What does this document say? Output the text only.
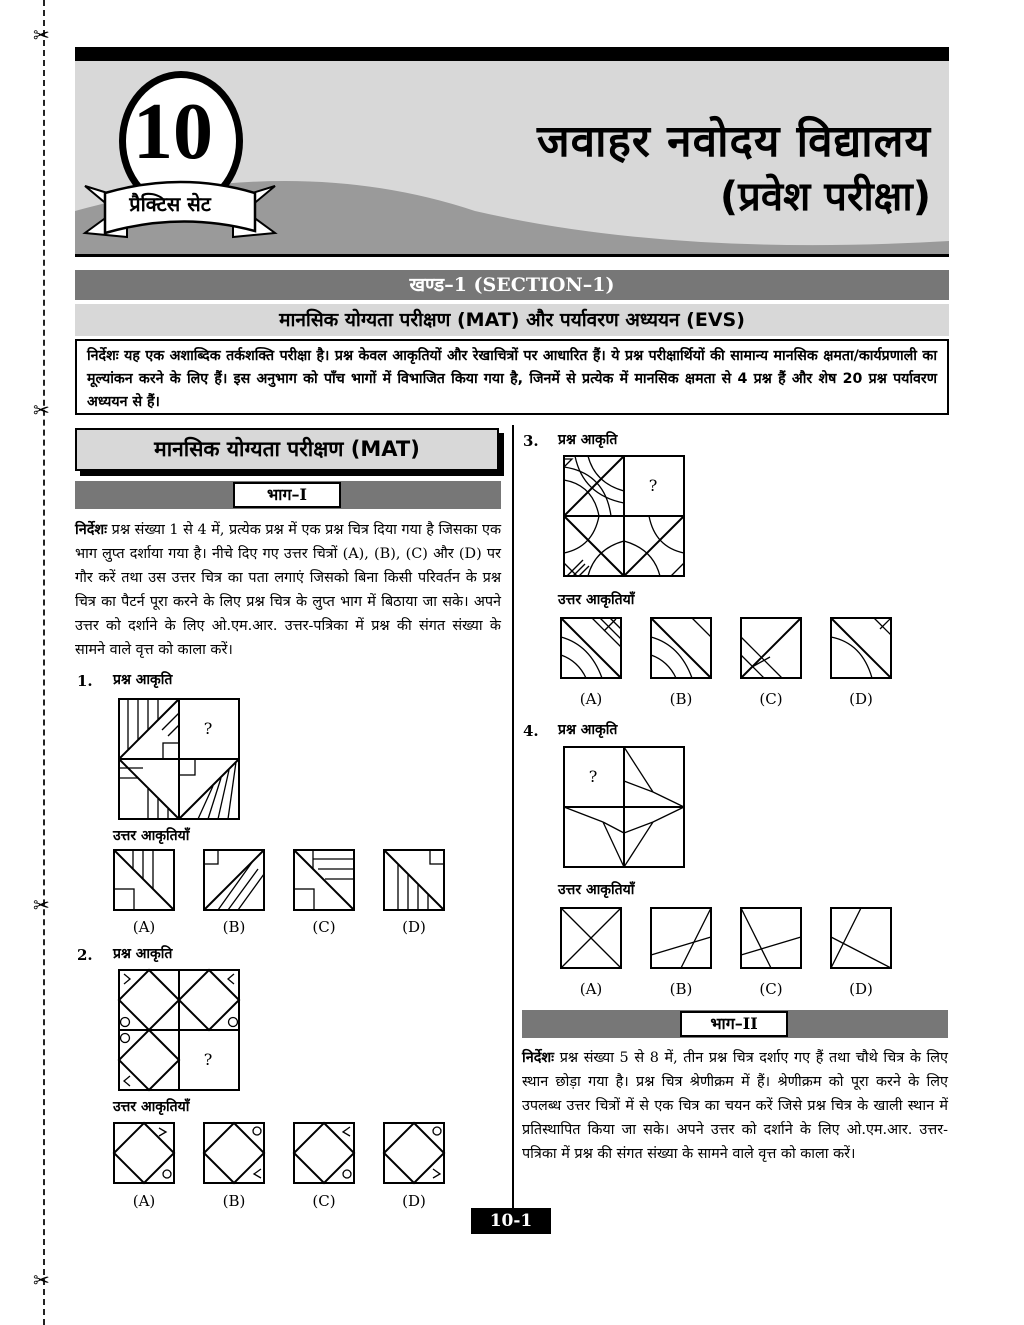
✂
✂
✂
✂
जवाहर नवोदय विद्यालय
(प्रवेश परीक्षा)
10
प्रैक्टिस सेट
खण्ड–1 (SECTION–1)
मानसिक योग्यता परीक्षण (MAT) और पर्यावरण अध्ययन (EVS)
निर्देशः यह एक अशाब्दिक तर्कशक्ति परीक्षा है। प्रश्न केवल आकृतियों और रेखाचित्रों पर आधारित हैं। ये प्रश्न परीक्षार्थियों की सामान्य मानसिक क्षमता/कार्यप्रणाली का मूल्यांकन करने के लिए हैं। इस अनुभाग को पाँच भागों में विभाजित किया गया है, जिनमें से प्रत्येक में मानसिक क्षमता से 4 प्रश्न हैं और शेष 20 प्रश्न पर्यावरण अध्ययन से हैं।
मानसिक योग्यता परीक्षण (MAT)
भाग–I
निर्देशः प्रश्न संख्या 1 से 4 में, प्रत्येक प्रश्न में एक प्रश्न चित्र दिया गया है जिसका एक भाग लुप्त दर्शाया गया है। नीचे दिए गए उत्तर चित्रों (A), (B), (C) और (D) पर गौर करें तथा उस उत्तर चित्र का पता लगाएं जिसको बिना किसी परिवर्तन के प्रश्न चित्र का पैटर्न पूरा करने के लिए प्रश्न चित्र के लुप्त भाग में बिठाया जा सके। अपने उत्तर को दर्शाने के लिए ओ.एम.आर. उत्तर-पत्रिका में प्रश्न की संगत संख्या के सामने वाले वृत्त को काला करें।
1. प्रश्न आकृति
?
उत्तर आकृतियाँ
(A)	(B)	(C)	(D)
2. प्रश्न आकृति
?
उत्तर आकृतियाँ
(A)	(B)	(C)	(D)
3. प्रश्न आकृति
?
उत्तर आकृतियाँ
(A)	(B)	(C)	(D)
4. प्रश्न आकृति
?
उत्तर आकृतियाँ
(A)	(B)	(C)	(D)
भाग–II
निर्देशः प्रश्न संख्या 5 से 8 में, तीन प्रश्न चित्र दर्शाए गए हैं तथा चौथे चित्र के लिए स्थान छोड़ा गया है। प्रश्न चित्र श्रेणीक्रम में हैं। श्रेणीक्रम को पूरा करने के लिए उपलब्ध उत्तर चित्रों में से एक चित्र का चयन करें जिसे प्रश्न चित्र के खाली स्थान में प्रतिस्थापित किया जा सके। अपने उत्तर को दर्शाने के लिए ओ.एम.आर. उत्तर-पत्रिका में प्रश्न की संगत संख्या के सामने वाले वृत्त को काला करें।
10-1
